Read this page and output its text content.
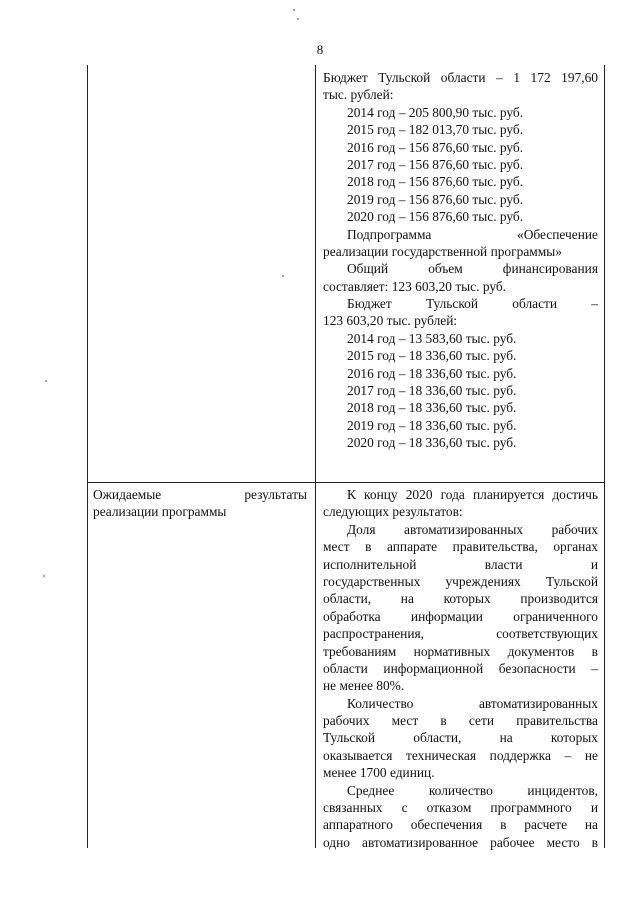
8
Бюджет Тульской области – 1 172 197,60
тыс. рублей:
2014 год – 205 800,90 тыс. руб.
2015 год – 182 013,70 тыс. руб.
2016 год – 156 876,60 тыс. руб.
2017 год – 156 876,60 тыс. руб.
2018 год – 156 876,60 тыс. руб.
2019 год – 156 876,60 тыс. руб.
2020 год – 156 876,60 тыс. руб.
Подпрограмма «Обеспечение
реализации государственной программы»
Общий объем финансирования
составляет: 123 603,20 тыс. руб.
Бюджет Тульской области –
123 603,20 тыс. рублей:
2014 год – 13 583,60 тыс. руб.
2015 год – 18 336,60 тыс. руб.
2016 год – 18 336,60 тыс. руб.
2017 год – 18 336,60 тыс. руб.
2018 год – 18 336,60 тыс. руб.
2019 год – 18 336,60 тыс. руб.
2020 год – 18 336,60 тыс. руб.
Ожидаемые результаты
реализации программы
К концу 2020 года планируется достичь
следующих результатов:
Доля автоматизированных рабочих
мест в аппарате правительства, органах
исполнительной власти и
государственных учреждениях Тульской
области, на которых производится
обработка информации ограниченного
распространения, соответствующих
требованиям нормативных документов в
области информационной безопасности –
не менее 80%.
Количество автоматизированных
рабочих мест в сети правительства
Тульской области, на которых
оказывается техническая поддержка – не
менее 1700 единиц.
Среднее количество инцидентов,
связанных с отказом программного и
аппаратного обеспечения в расчете на
одно автоматизированное рабочее место в
